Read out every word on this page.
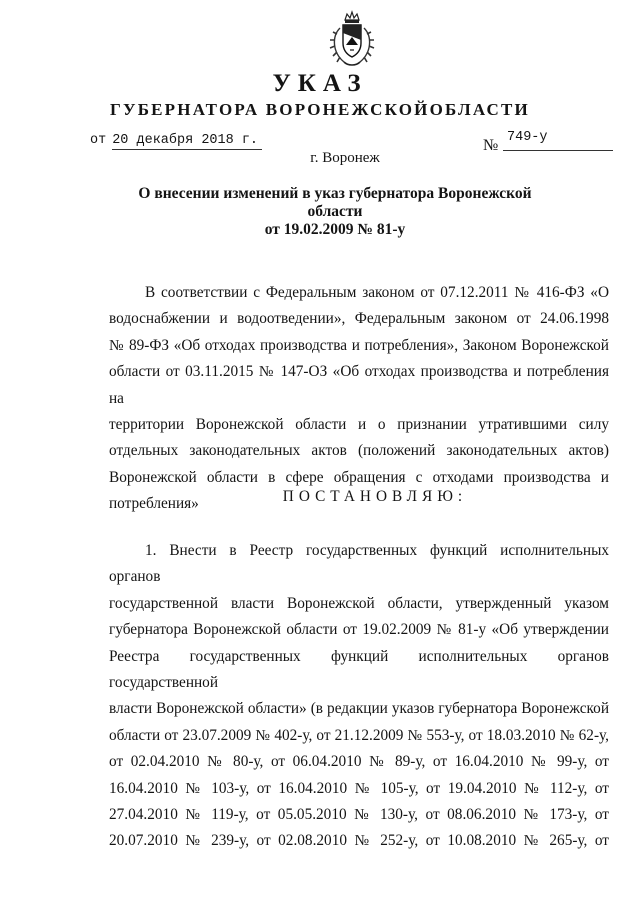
УКАЗ
ГУБЕРНАТОРА ВОРОНЕЖСКОЙОБЛАСТИ
от 20 декабря 2018 г.	№ 749-у
г. Воронеж
О внесении изменений в указ губернатора Воронежской области
от 19.02.2009 № 81-у

В соответствии с Федеральным законом от 07.12.2011 № 416-ФЗ «О

водоснабжении и водоотведении», Федеральным законом от 24.06.1998

№ 89-ФЗ «Об отходах производства и потребления», Законом Воронежской

области от 03.11.2015 № 147-ОЗ «Об отходах производства и потребления на

территории Воронежской области и о признании утратившими силу

отдельных законодательных актов (положений законодательных актов)

Воронежской области в сфере обращения с отходами производства и

потребления»	ПОСТАНОВЛЯЮ:

1. Внести в Реестр государственных функций исполнительных органов

государственной власти Воронежской области, утвержденный указом

губернатора Воронежской области от 19.02.2009 № 81-у «Об утверждении

Реестра государственных функций исполнительных органов государственной

власти Воронежской области» (в редакции указов губернатора Воронежской

области от 23.07.2009 № 402-у, от 21.12.2009 № 553-у, от 18.03.2010 № 62-у,

от 02.04.2010 № 80-у, от 06.04.2010 № 89-у, от 16.04.2010 № 99-у, от

16.04.2010 № 103-у, от 16.04.2010 № 105-у, от 19.04.2010 № 112-у, от

27.04.2010 № 119-у, от 05.05.2010 № 130-у, от 08.06.2010 № 173-у, от

20.07.2010 № 239-у, от 02.08.2010 № 252-у, от 10.08.2010 № 265-у, от
